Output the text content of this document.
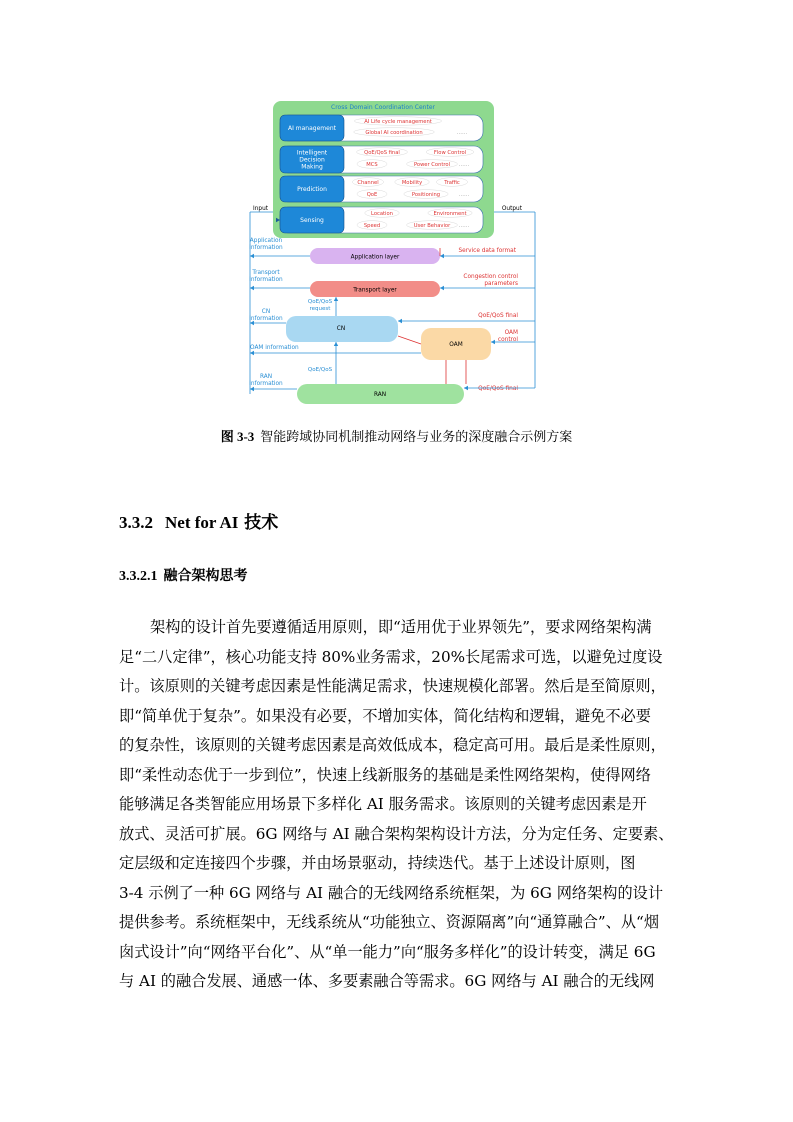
Cross Domain Coordination Center
AI management
AI Life cycle management
Global AI coordination	......
Intelligent
Decision
Making
QoE/QoS final	Flow Control
MCS	Power Control ......
Prediction
Channel	Mobility	Traffic
QoE	Positioning	......
Sensing
Location	Environment
Speed	User Behavior ......
Input	Output
Application layer
Transport layer
CN
OAM
RAN
Application
information
Transport
information
CN
information
OAM information
RAN
information
QoE/QoS
request
QoE/QoS
Service data format
Congestion control
parameters
QoE/QoS final
OAM
control
QoE/QoS final
图 3-3 智能跨域协同机制推动网络与业务的深度融合示例方案
3.3.2 Net for AI 技术
3.3.2.1 融合架构思考
架构的设计首先要遵循适用原则，即“适用优于业界领先”，要求网络架构满
足“二八定律”，核心功能支持 80%业务需求，20%长尾需求可选，以避免过度设
计。该原则的关键考虑因素是性能满足需求，快速规模化部署。然后是至简原则，
即“简单优于复杂”。如果没有必要，不增加实体，简化结构和逻辑，避免不必要
的复杂性，该原则的关键考虑因素是高效低成本，稳定高可用。最后是柔性原则，
即“柔性动态优于一步到位”，快速上线新服务的基础是柔性网络架构，使得网络
能够满足各类智能应用场景下多样化 AI 服务需求。该原则的关键考虑因素是开
放式、灵活可扩展。6G 网络与 AI 融合架构架构设计方法，分为定任务、定要素、
定层级和定连接四个步骤，并由场景驱动，持续迭代。基于上述设计原则，图
3-4 示例了一种 6G 网络与 AI 融合的无线网络系统框架，为 6G 网络架构的设计
提供参考。系统框架中，无线系统从“功能独立、资源隔离”向“通算融合”、从“烟
囱式设计”向“网络平台化”、从“单一能力”向“服务多样化”的设计转变，满足 6G
与 AI 的融合发展、通感一体、多要素融合等需求。6G 网络与 AI 融合的无线网
